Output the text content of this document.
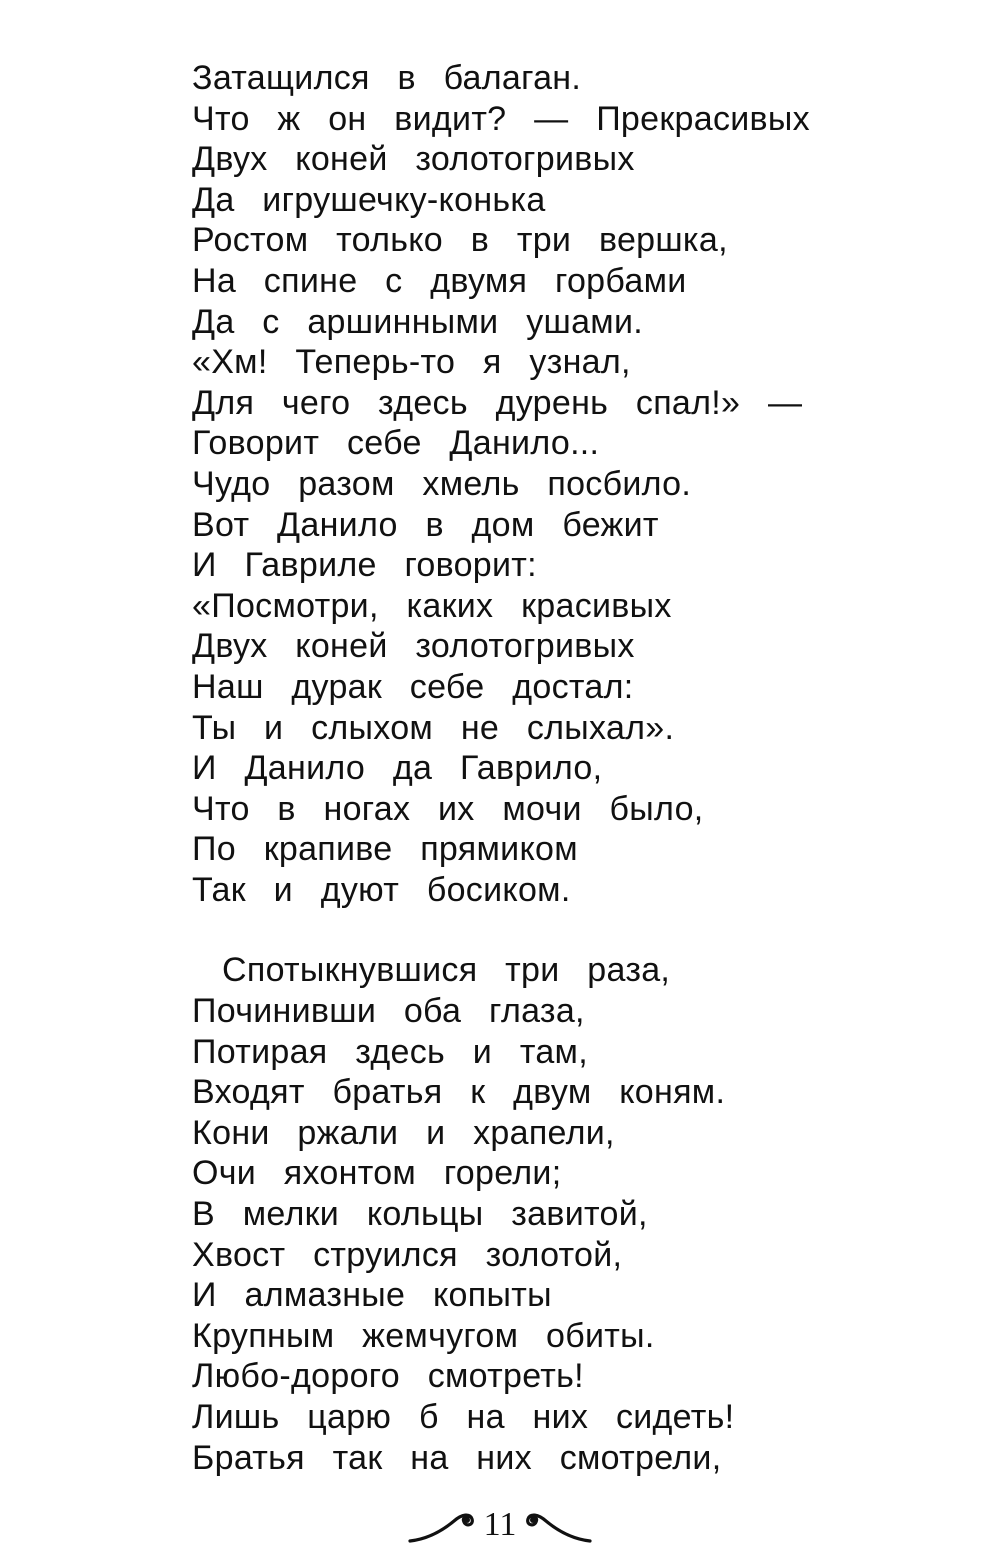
Затащился в балаган.
Что ж он видит? — Прекрасивых
Двух коней золотогривых
Да игрушечку-конька
Ростом только в три вершка,
На спине с двумя горбами
Да с аршинными ушами.
«Хм! Теперь-то я узнал,
Для чего здесь дурень спал!» —
Говорит себе Данило...
Чудо разом хмель посбило.
Вот Данило в дом бежит
И Гавриле говорит:
«Посмотри, каких красивых
Двух коней золотогривых
Наш дурак себе достал:
Ты и слыхом не слыхал».
И Данило да Гаврило,
Что в ногах их мочи было,
По крапиве прямиком
Так и дуют босиком.
Спотыкнувшися три раза,
Починивши оба глаза,
Потирая здесь и там,
Входят братья к двум коням.
Кони ржали и храпели,
Очи яхонтом горели;
В мелки кольцы завитой,
Хвост струился золотой,
И алмазные копыты
Крупным жемчугом обиты.
Любо-дорого смотреть!
Лишь царю б на них сидеть!
Братья так на них смотрели,
11
